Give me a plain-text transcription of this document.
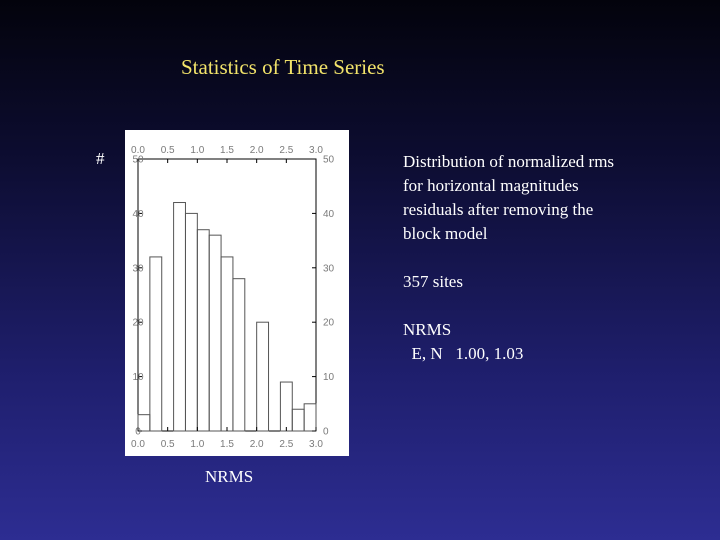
Statistics of Time Series
#
0.0
0.0
0.5
0.5
1.0
1.0
1.5
1.5
2.0
2.0
2.5
2.5
3.0
3.0
0	0
10	10
20	20
30	30
40	40
50	50
NRMS
Distribution of normalized rms
for horizontal magnitudes
residuals after removing the
block model
357 sites
NRMS
E, N   1.00, 1.03
